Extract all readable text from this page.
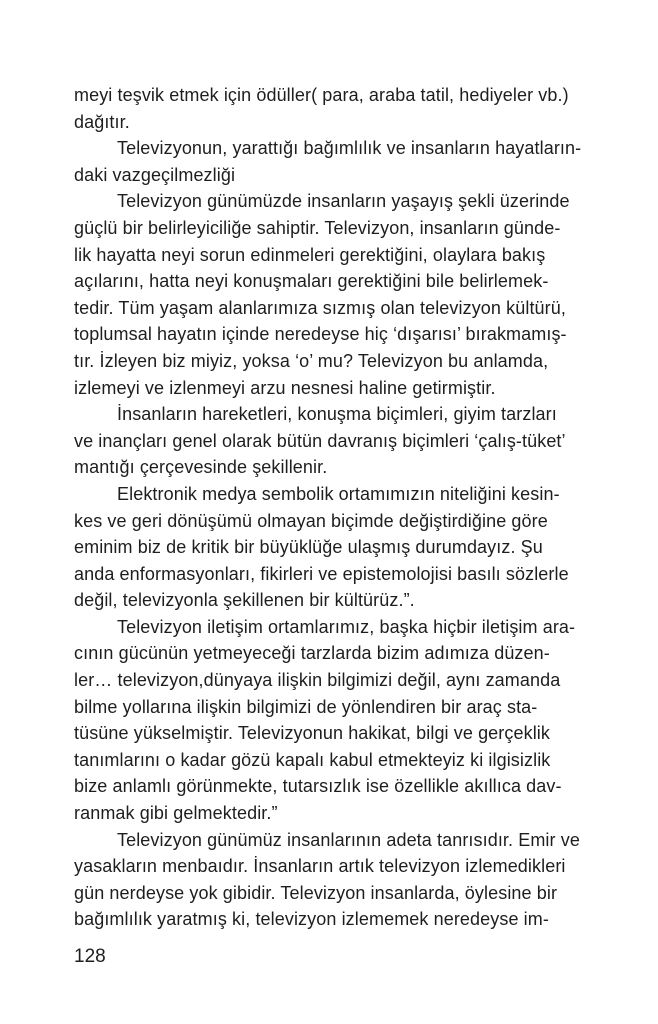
meyi teşvik etmek için ödüller( para, araba tatil, hediyeler vb.)
dağıtır.
Televizyonun, yarattığı bağımlılık ve insanların hayatların-
daki vazgeçilmezliği
Televizyon günümüzde insanların yaşayış şekli üzerinde
güçlü bir belirleyiciliğe sahiptir. Televizyon, insanların günde-
lik hayatta neyi sorun edinmeleri gerektiğini, olaylara bakış
açılarını, hatta neyi konuşmaları gerektiğini bile belirlemek-
tedir. Tüm yaşam alanlarımıza sızmış olan televizyon kültürü,
toplumsal hayatın içinde neredeyse hiç ‘dışarısı’ bırakmamış-
tır. İzleyen biz miyiz, yoksa ‘o’ mu? Televizyon bu anlamda,
izlemeyi ve izlenmeyi arzu nesnesi haline getirmiştir.
İnsanların hareketleri, konuşma biçimleri, giyim tarzları
ve inançları genel olarak bütün davranış biçimleri ‘çalış-tüket’
mantığı çerçevesinde şekillenir.
Elektronik medya sembolik ortamımızın niteliğini kesin-
kes ve geri dönüşümü olmayan biçimde değiştirdiğine göre
eminim biz de kritik bir büyüklüğe ulaşmış durumdayız. Şu
anda enformasyonları, fikirleri ve epistemolojisi basılı sözlerle
değil, televizyonla şekillenen bir kültürüz.”.
Televizyon iletişim ortamlarımız, başka hiçbir iletişim ara-
cının gücünün yetmeyeceği tarzlarda bizim adımıza düzen-
ler… televizyon,dünyaya ilişkin bilgimizi değil, aynı zamanda
bilme yollarına ilişkin bilgimizi de yönlendiren bir araç sta-
tüsüne yükselmiştir. Televizyonun hakikat, bilgi ve gerçeklik
tanımlarını o kadar gözü kapalı kabul etmekteyiz ki ilgisizlik
bize anlamlı görünmekte, tutarsızlık ise özellikle akıllıca dav-
ranmak gibi gelmektedir.”
Televizyon günümüz insanlarının adeta tanrısıdır. Emir ve
yasakların menbaıdır. İnsanların artık televizyon izlemedikleri
gün nerdeyse yok gibidir. Televizyon insanlarda, öylesine bir
bağımlılık yaratmış ki, televizyon izlememek neredeyse im-
128
